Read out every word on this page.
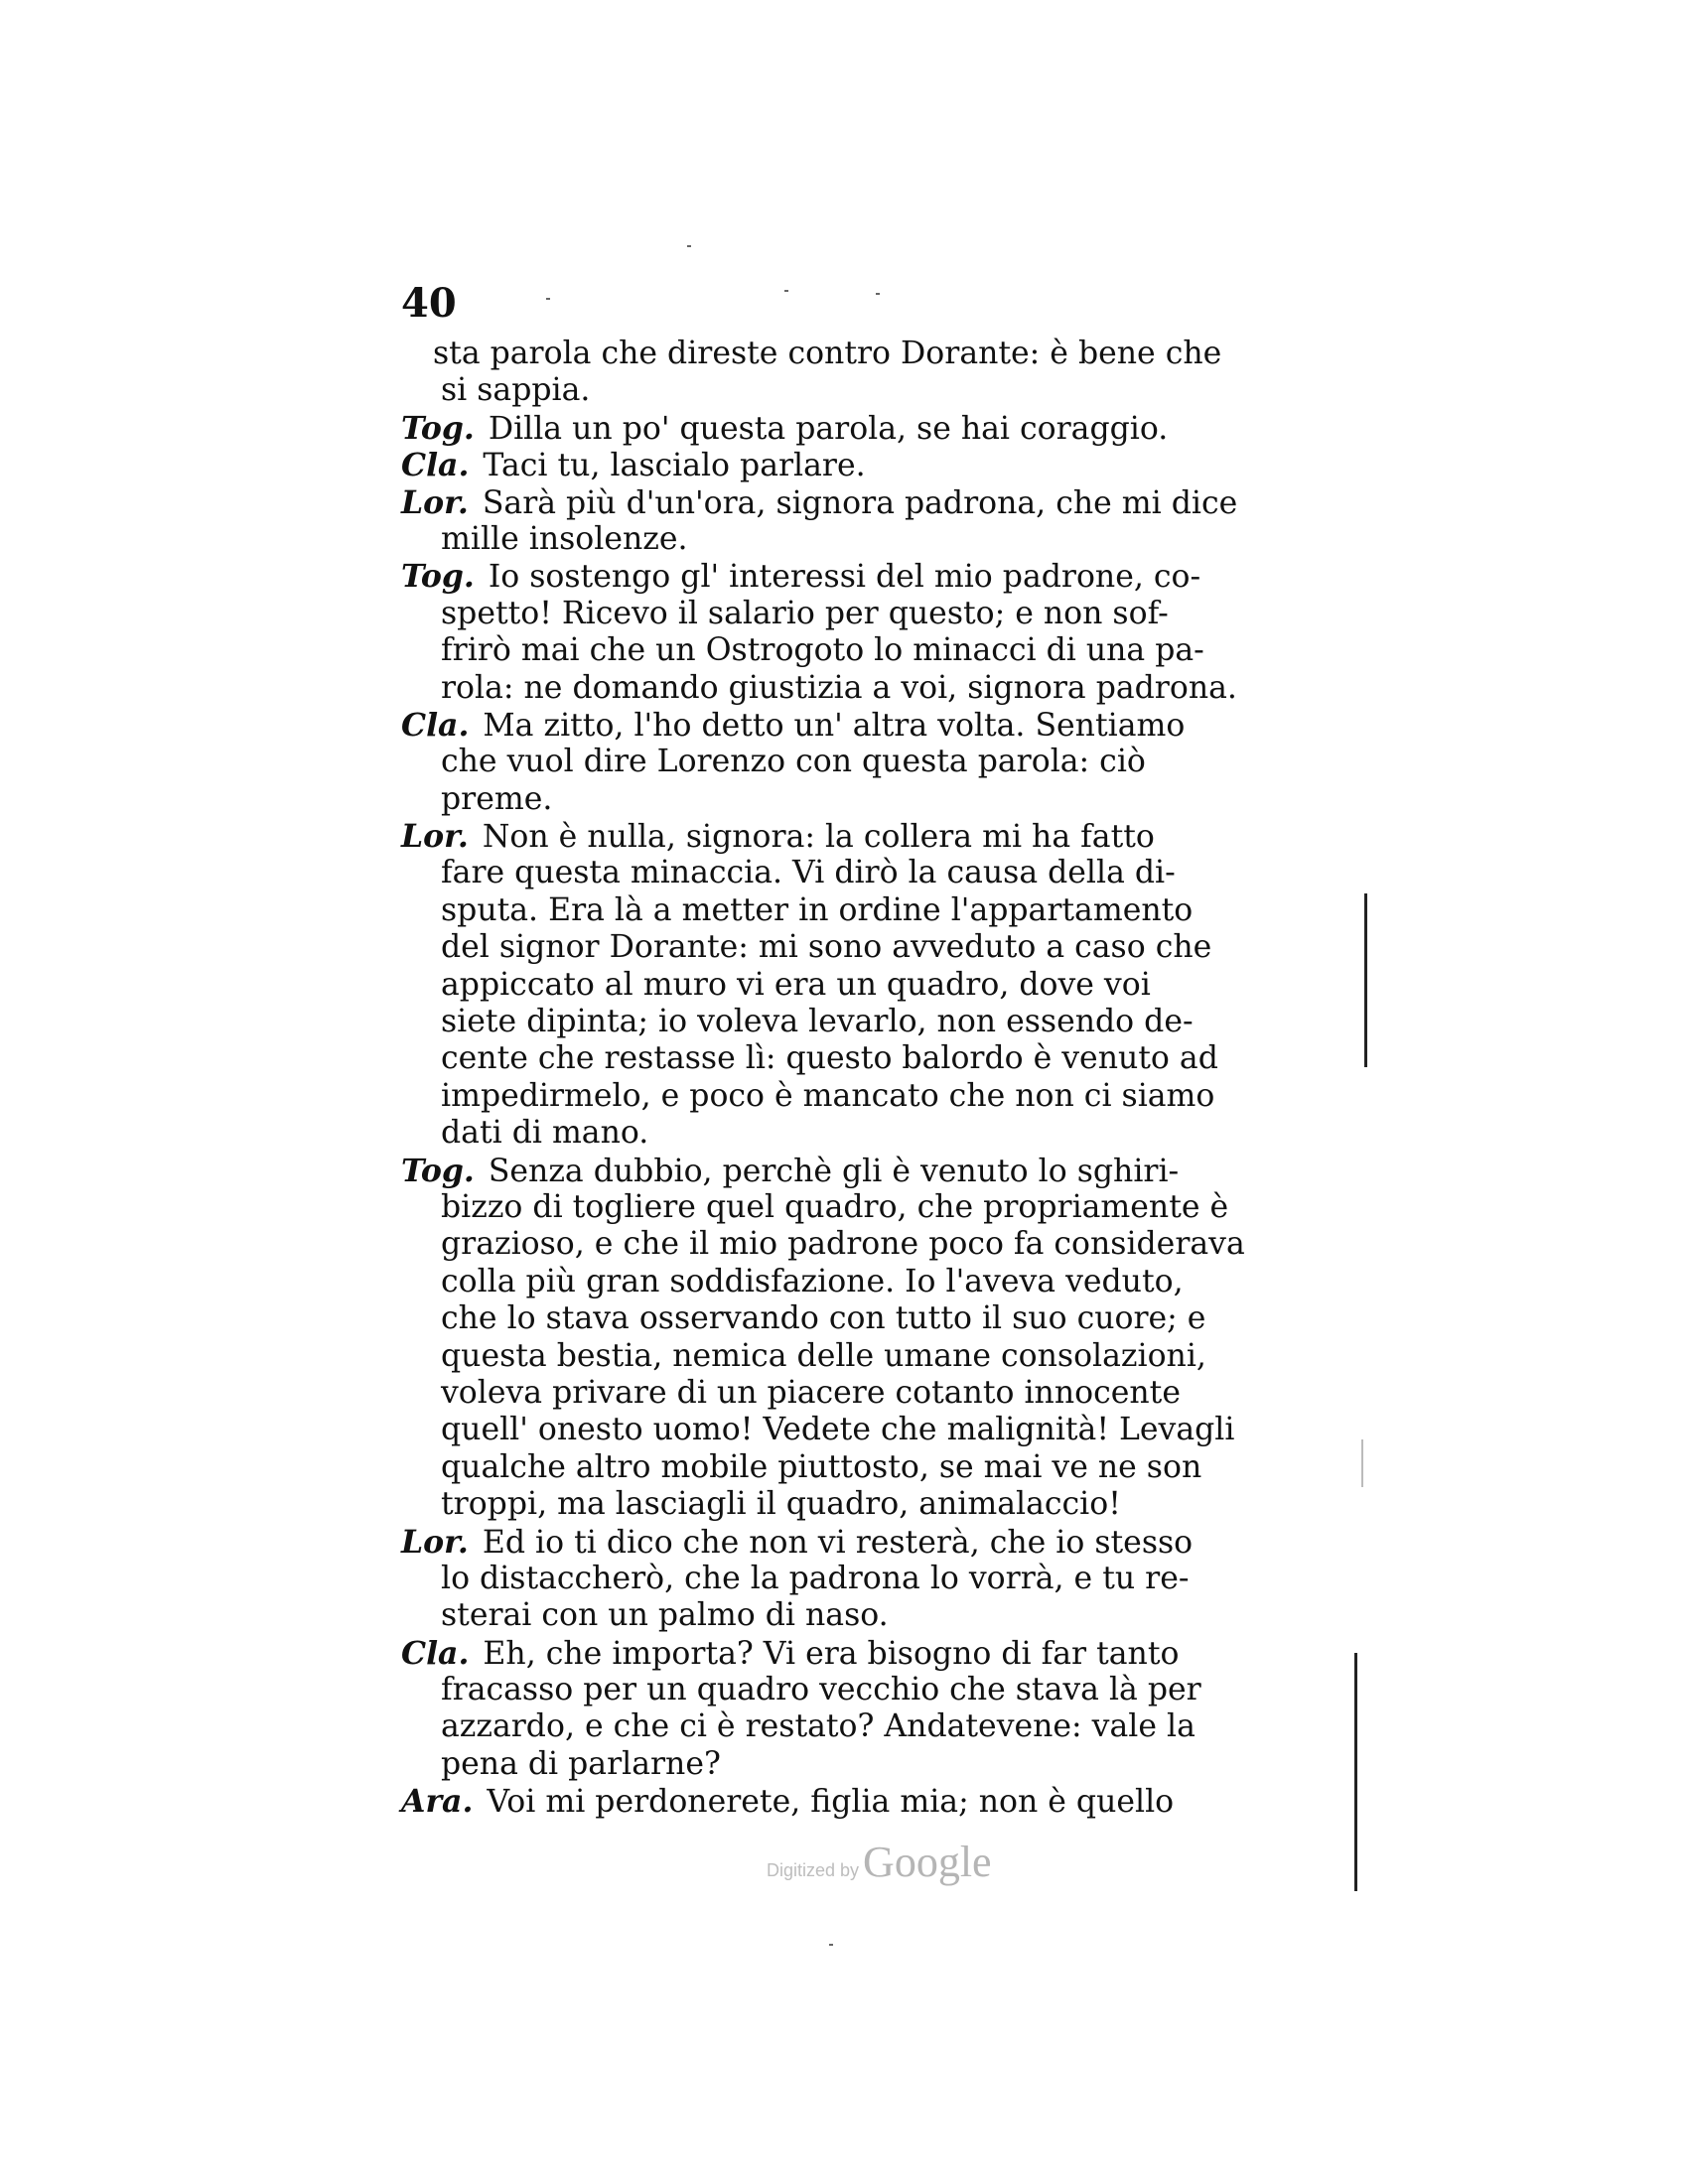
40
sta parola che direste contro Dorante: è bene che
si sappia.
Tog. Dilla un po' questa parola, se hai coraggio.
Cla. Taci tu, lascialo parlare.
Lor. Sarà più d'un'ora, signora padrona, che mi dice
mille insolenze.
Tog. Io sostengo gl' interessi del mio padrone, co-
spetto! Ricevo il salario per questo; e non sof-
frirò mai che un Ostrogoto lo minacci di una pa-
rola: ne domando giustizia a voi, signora padrona.
Cla. Ma zitto, l'ho detto un' altra volta. Sentiamo
che vuol dire Lorenzo con questa parola: ciò
preme.
Lor. Non è nulla, signora: la collera mi ha fatto
fare questa minaccia. Vi dirò la causa della di-
sputa. Era là a metter in ordine l'appartamento
del signor Dorante: mi sono avveduto a caso che
appiccato al muro vi era un quadro, dove voi
siete dipinta; io voleva levarlo, non essendo de-
cente che restasse lì: questo balordo è venuto ad
impedirmelo, e poco è mancato che non ci siamo
dati di mano.
Tog. Senza dubbio, perchè gli è venuto lo sghiri-
bizzo di togliere quel quadro, che propriamente è
grazioso, e che il mio padrone poco fa considerava
colla più gran soddisfazione. Io l'aveva veduto,
che lo stava osservando con tutto il suo cuore; e
questa bestia, nemica delle umane consolazioni,
voleva privare di un piacere cotanto innocente
quell' onesto uomo! Vedete che malignità! Levagli
qualche altro mobile piuttosto, se mai ve ne son
troppi, ma lasciagli il quadro, animalaccio!
Lor. Ed io ti dico che non vi resterà, che io stesso
lo distaccherò, che la padrona lo vorrà, e tu re-
sterai con un palmo di naso.
Cla. Eh, che importa? Vi era bisogno di far tanto
fracasso per un quadro vecchio che stava là per
azzardo, e che ci è restato? Andatevene: vale la
pena di parlarne?
Ara. Voi mi perdonerete, figlia mia; non è quello
Digitized byGoogle
